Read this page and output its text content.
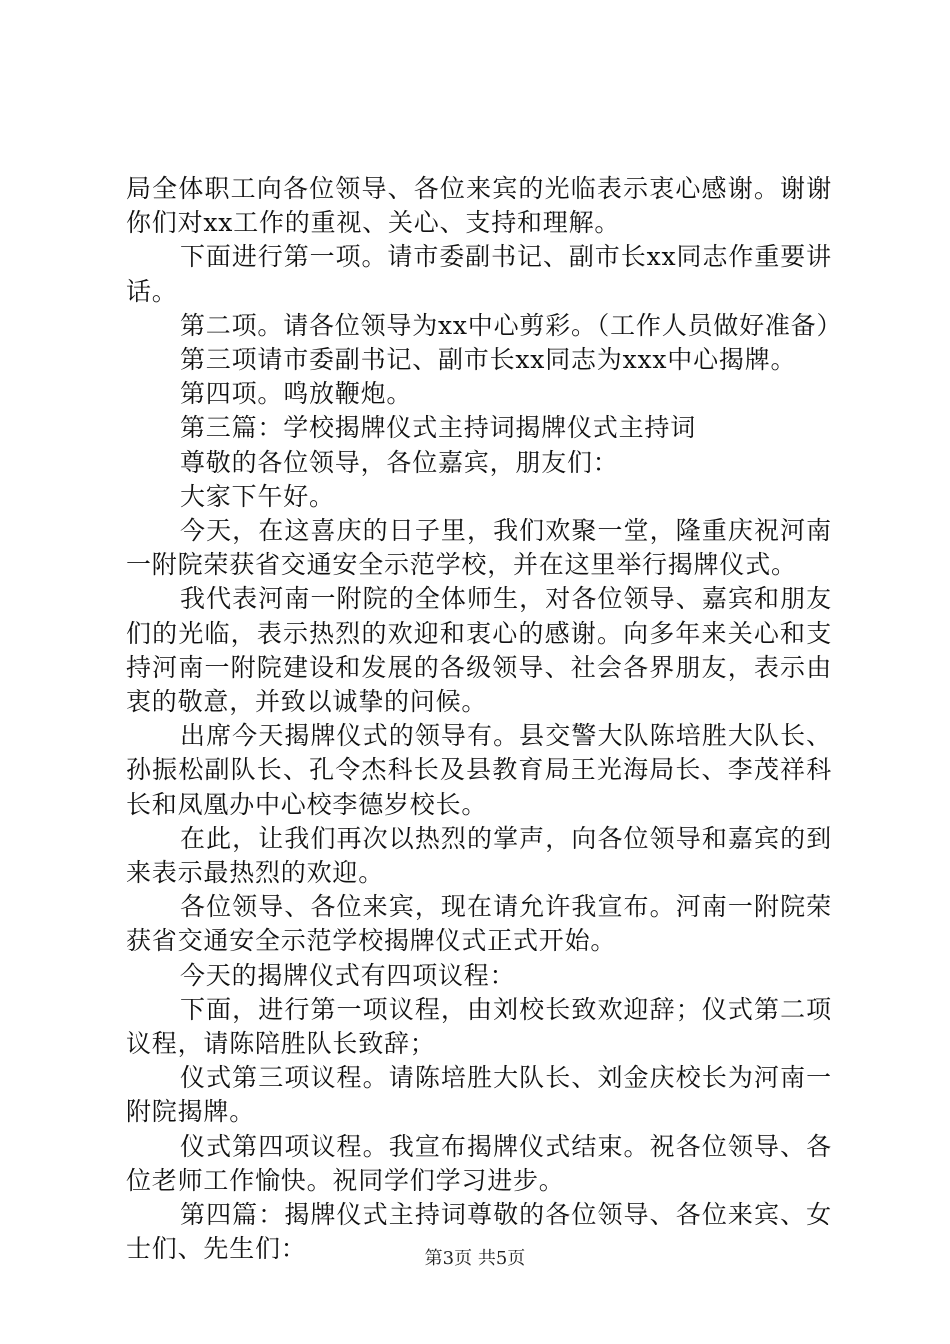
局全体职工向各位领导、各位来宾的光临表示衷心感谢。谢谢你们对xx工作的重视、关心、支持和理解。

下面进行第一项。请市委副书记、副市长xx同志作重要讲话。

第二项。请各位领导为xx中心剪彩。（工作人员做好准备）

第三项请市委副书记、副市长xx同志为xxx中心揭牌。

第四项。鸣放鞭炮。

第三篇：学校揭牌仪式主持词揭牌仪式主持词

尊敬的各位领导，各位嘉宾，朋友们：

大家下午好。

今天，在这喜庆的日子里，我们欢聚一堂，隆重庆祝河南一附院荣获省交通安全示范学校，并在这里举行揭牌仪式。

我代表河南一附院的全体师生，对各位领导、嘉宾和朋友们的光临，表示热烈的欢迎和衷心的感谢。向多年来关心和支持河南一附院建设和发展的各级领导、社会各界朋友，表示由衷的敬意，并致以诚挚的问候。

出席今天揭牌仪式的领导有。县交警大队陈培胜大队长、孙振松副队长、孔令杰科长及县教育局王光海局长、李茂祥科长和凤凰办中心校李德岁校长。

在此，让我们再次以热烈的掌声，向各位领导和嘉宾的到来表示最热烈的欢迎。

各位领导、各位来宾，现在请允许我宣布。河南一附院荣获省交通安全示范学校揭牌仪式正式开始。

今天的揭牌仪式有四项议程：

下面，进行第一项议程，由刘校长致欢迎辞；仪式第二项议程，请陈陪胜队长致辞；

仪式第三项议程。请陈培胜大队长、刘金庆校长为河南一附院揭牌。

仪式第四项议程。我宣布揭牌仪式结束。祝各位领导、各位老师工作愉快。祝同学们学习进步。

第四篇：揭牌仪式主持词尊敬的各位领导、各位来宾、女士们、先生们：	第3页 共5页
